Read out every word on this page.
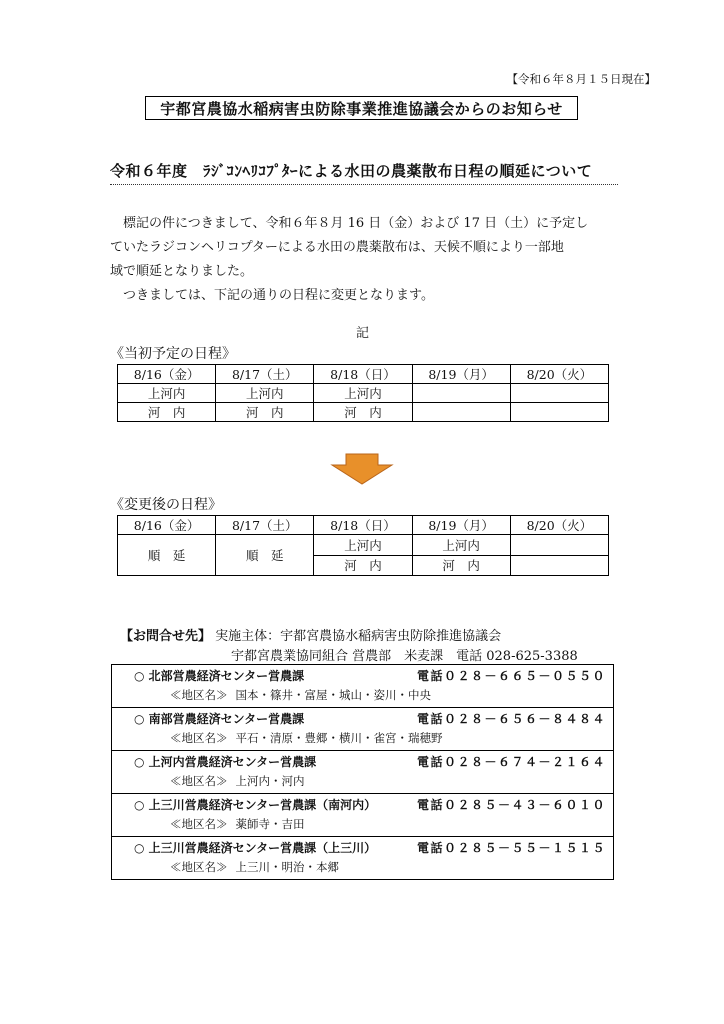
【令和６年８月１５日現在】
宇都宮農協水稲病害虫防除事業推進協議会からのお知らせ
令和６年度　ﾗｼﾞｺﾝﾍﾘｺﾌﾟﾀｰによる水田の農薬散布日程の順延について

標記の件につきまして、令和６年８月 16 日（金）および 17 日（土）に予定し

ていたラジコンヘリコプターによる水田の農薬散布は、天候不順により一部地

域で順延となりました。

つきましては、下記の通りの日程に変更となります。

記
《当初予定の日程》
8/16（金）	8/17（土）	8/18（日）	8/19（月）	8/20（火）
上河内	上河内	上河内		
河　内	河　内	河　内		
《変更後の日程》
8/16（金）	8/17（土）	8/18（日）	8/19（月）	8/20（火）
順　延	順　延	上河内	上河内	
		河　内	河　内	
【お問合せ先】 実施主体：宇都宮農協水稲病害虫防除推進協議会
宇都宮農業協同組合 営農部　米麦課　電話 028-625-3388
○ 北部営農経済センター営農課	電話０２８－６６５－０５５０
≪地区名≫ 国本・篠井・富屋・城山・姿川・中央

○ 南部営農経済センター営農課	電話０２８－６５６－８４８４
≪地区名≫ 平石・清原・豊郷・横川・雀宮・瑞穂野

○ 上河内営農経済センター営農課	電話０２８－６７４－２１６４
≪地区名≫ 上河内・河内

○ 上三川営農経済センター営農課（南河内）	電話０２８５－４３－６０１０
≪地区名≫ 薬師寺・吉田

○ 上三川営農経済センター営農課（上三川）	電話０２８５－５５－１５１５
≪地区名≫ 上三川・明治・本郷
